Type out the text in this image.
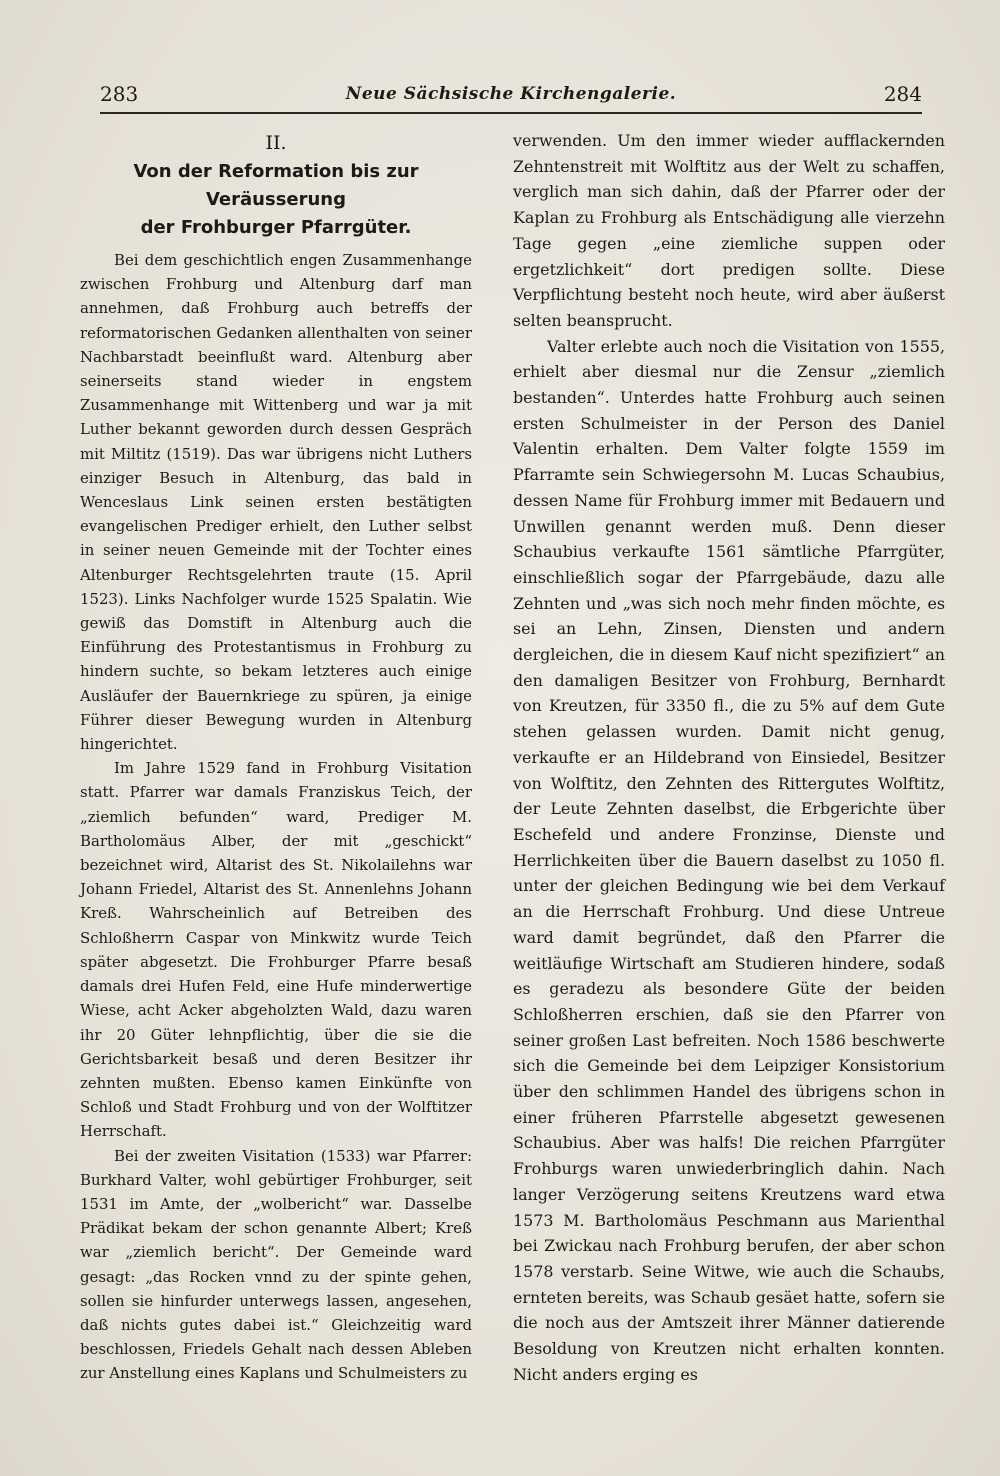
283	Neue Sächsische Kirchengalerie.	284
II.
Von der Reformation bis zur Veräusserung
der Frohburger Pfarrgüter.

Bei dem geschichtlich engen Zusammenhange zwischen Frohburg und Altenburg darf man annehmen, daß Frohburg auch betreffs der reformatorischen Gedanken allenthalten von seiner Nachbarstadt beeinflußt ward. Altenburg aber seinerseits stand wieder in engstem Zusammenhange mit Wittenberg und war ja mit Luther bekannt geworden durch dessen Gespräch mit Miltitz (1519). Das war übrigens nicht Luthers einziger Besuch in Altenburg, das bald in Wenceslaus Link seinen ersten bestätigten evangelischen Prediger erhielt, den Luther selbst in seiner neuen Gemeinde mit der Tochter eines Altenburger Rechtsgelehrten traute (15. April 1523). Links Nachfolger wurde 1525 Spalatin. Wie gewiß das Domstift in Altenburg auch die Einführung des Protestantismus in Frohburg zu hindern suchte, so bekam letzteres auch einige Ausläufer der Bauernkriege zu spüren, ja einige Führer dieser Bewegung wurden in Altenburg hingerichtet.

Im Jahre 1529 fand in Frohburg Visitation statt. Pfarrer war damals Franziskus Teich, der „ziemlich befunden“ ward, Prediger M. Bartholomäus Alber, der mit „geschickt“ bezeichnet wird, Altarist des St. Nikolailehns war Johann Friedel, Altarist des St. Annenlehns Johann Kreß. Wahrscheinlich auf Betreiben des Schloßherrn Caspar von Minkwitz wurde Teich später abgesetzt. Die Frohburger Pfarre besaß damals drei Hufen Feld, eine Hufe minderwertige Wiese, acht Acker abgeholzten Wald, dazu waren ihr 20 Güter lehnpflichtig, über die sie die Gerichtsbarkeit besaß und deren Besitzer ihr zehnten mußten. Ebenso kamen Einkünfte von Schloß und Stadt Frohburg und von der Wolftitzer Herrschaft.

Bei der zweiten Visitation (1533) war Pfarrer: Burkhard Valter, wohl gebürtiger Frohburger, seit 1531 im Amte, der „wolbericht“ war. Dasselbe Prädikat bekam der schon genannte Albert; Kreß war „ziemlich bericht“. Der Gemeinde ward gesagt: „das Rocken vnnd zu der spinte gehen, sollen sie hinfurder unterwegs lassen, angesehen, daß nichts gutes dabei ist.“ Gleichzeitig ward beschlossen, Friedels Gehalt nach dessen Ableben zur Anstellung eines Kaplans und Schulmeisters zu

verwenden. Um den immer wieder aufflackernden Zehntenstreit mit Wolftitz aus der Welt zu schaffen, verglich man sich dahin, daß der Pfarrer oder der Kaplan zu Frohburg als Entschädigung alle vierzehn Tage gegen „eine ziemliche suppen oder ergetzlichkeit“ dort predigen sollte. Diese Verpflichtung besteht noch heute, wird aber äußerst selten beansprucht.

Valter erlebte auch noch die Visitation von 1555, erhielt aber diesmal nur die Zensur „ziemlich bestanden“. Unterdes hatte Frohburg auch seinen ersten Schulmeister in der Person des Daniel Valentin erhalten. Dem Valter folgte 1559 im Pfarramte sein Schwiegersohn M. Lucas Schaubius, dessen Name für Frohburg immer mit Bedauern und Unwillen genannt werden muß. Denn dieser Schaubius verkaufte 1561 sämtliche Pfarrgüter, einschließlich sogar der Pfarrgebäude, dazu alle Zehnten und „was sich noch mehr finden möchte, es sei an Lehn, Zinsen, Diensten und andern dergleichen, die in diesem Kauf nicht spezifiziert“ an den damaligen Besitzer von Frohburg, Bernhardt von Kreutzen, für 3350 fl., die zu 5% auf dem Gute stehen gelassen wurden. Damit nicht genug, verkaufte er an Hildebrand von Einsiedel, Besitzer von Wolftitz, den Zehnten des Rittergutes Wolftitz, der Leute Zehnten daselbst, die Erbgerichte über Eschefeld und andere Fronzinse, Dienste und Herrlichkeiten über die Bauern daselbst zu 1050 fl. unter der gleichen Bedingung wie bei dem Verkauf an die Herrschaft Frohburg. Und diese Untreue ward damit begründet, daß den Pfarrer die weitläufige Wirtschaft am Studieren hindere, sodaß es geradezu als besondere Güte der beiden Schloßherren erschien, daß sie den Pfarrer von seiner großen Last befreiten. Noch 1586 beschwerte sich die Gemeinde bei dem Leipziger Konsistorium über den schlimmen Handel des übrigens schon in einer früheren Pfarrstelle abgesetzt gewesenen Schaubius. Aber was halfs! Die reichen Pfarrgüter Frohburgs waren unwiederbringlich dahin. Nach langer Verzögerung seitens Kreutzens ward etwa 1573 M. Bartholomäus Peschmann aus Marienthal bei Zwickau nach Frohburg berufen, der aber schon 1578 verstarb. Seine Witwe, wie auch die Schaubs, ernteten bereits, was Schaub gesäet hatte, sofern sie die noch aus der Amtszeit ihrer Männer datierende Besoldung von Kreutzen nicht erhalten konnten. Nicht anders erging es
